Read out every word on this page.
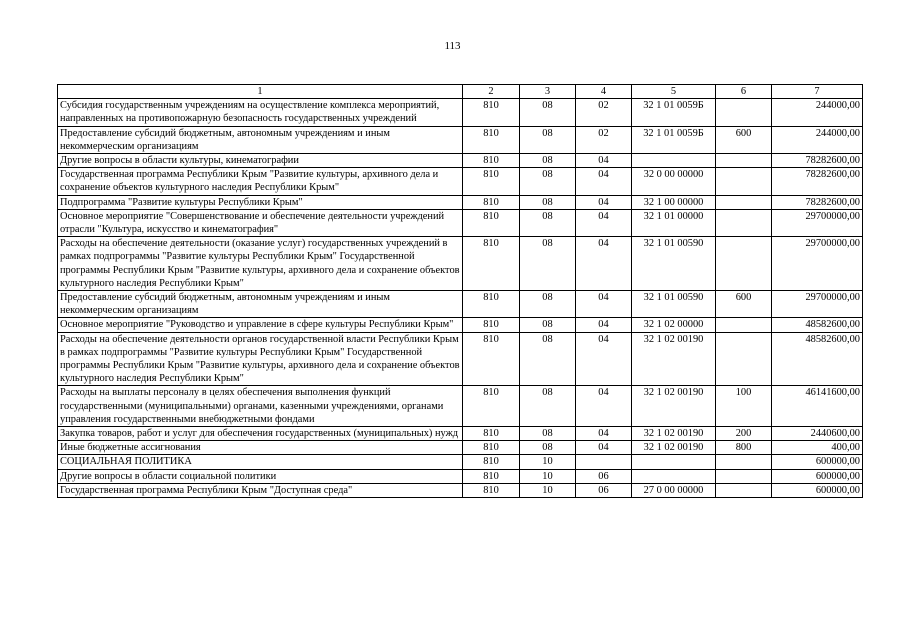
113
1	2	3	4	5	6	7
Субсидия государственным учреждениям на осуществление комплекса мероприятий, направленных на противопожарную безопасность государственных учреждений	810	08	02	32 1 01 0059Б		244000,00
Предоставление субсидий бюджетным, автономным учреждениям и иным некоммерческим организациям	810	08	02	32 1 01 0059Б	600	244000,00
Другие вопросы в области культуры, кинематографии	810	08	04			78282600,00
Государственная программа Республики Крым "Развитие культуры, архивного дела и сохранение объектов культурного наследия Республики Крым"	810	08	04	32 0 00 00000		78282600,00
Подпрограмма "Развитие культуры Республики Крым"	810	08	04	32 1 00 00000		78282600,00
Основное мероприятие "Совершенствование и обеспечение деятельности учреждений отрасли "Культура, искусство и кинематография"	810	08	04	32 1 01 00000		29700000,00
Расходы на обеспечение деятельности (оказание услуг) государственных учреждений в рамках подпрограммы "Развитие культуры Республики Крым" Государственной программы Республики Крым "Развитие культуры, архивного дела и сохранение объектов культурного наследия Республики Крым"	810	08	04	32 1 01 00590		29700000,00
Предоставление субсидий бюджетным, автономным учреждениям и иным некоммерческим организациям	810	08	04	32 1 01 00590	600	29700000,00
Основное мероприятие "Руководство и управление в сфере культуры Республики Крым"	810	08	04	32 1 02 00000		48582600,00
Расходы на обеспечение деятельности органов государственной власти Республики Крым в рамках подпрограммы "Развитие культуры Республики Крым" Государственной программы Республики Крым "Развитие культуры, архивного дела и сохранение объектов культурного наследия Республики Крым"	810	08	04	32 1 02 00190		48582600,00
Расходы на выплаты персоналу в целях обеспечения выполнения функций государственными (муниципальными) органами, казенными учреждениями, органами управления государственными внебюджетными фондами	810	08	04	32 1 02 00190	100	46141600,00
Закупка товаров, работ и услуг для обеспечения государственных (муниципальных) нужд	810	08	04	32 1 02 00190	200	2440600,00
Иные бюджетные ассигнования	810	08	04	32 1 02 00190	800	400,00
СОЦИАЛЬНАЯ ПОЛИТИКА	810	10				600000,00
Другие вопросы в области социальной политики	810	10	06			600000,00
Государственная программа Республики Крым "Доступная среда"	810	10	06	27 0 00 00000		600000,00
